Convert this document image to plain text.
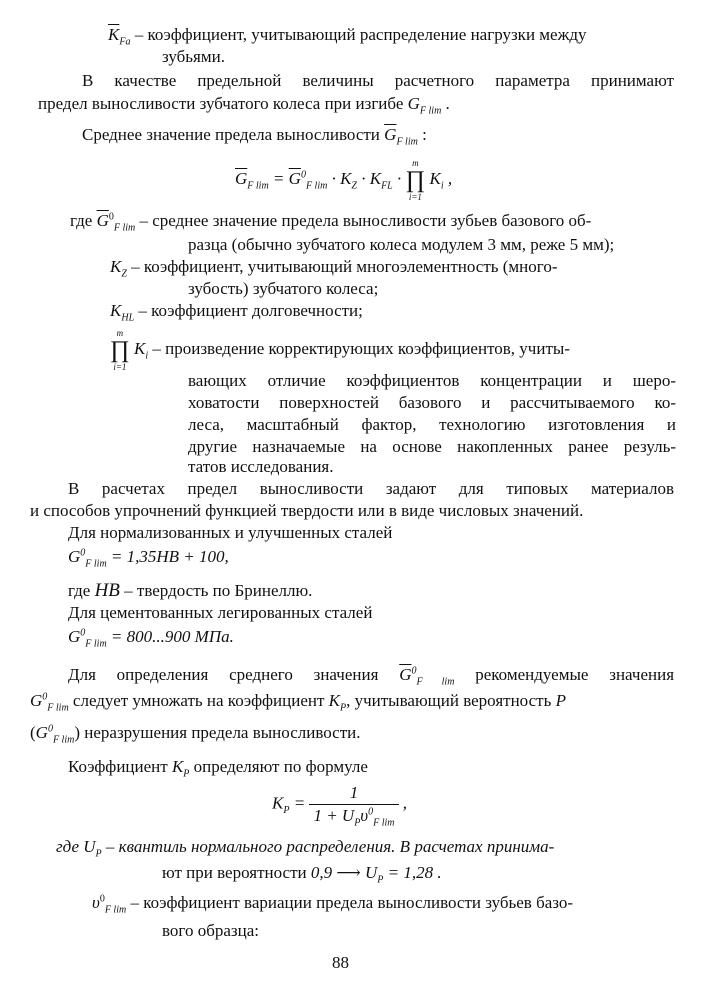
$\overline{K}_{Fa}$ – коэффициент, учитывающий распределение нагрузки между
зубьями.
В качестве предельной величины расчетного параметра принимают
предел выносливости зубчатого колеса при изгибе $G_{F lim}$ .
Среднее значение предела выносливости $\overline{G}_{F lim}$ :
$\overline{G}_{F lim} = \overline{G}^0_{F lim} \cdot K_Z \cdot K_{FL}$ ·
m
∏
i=1
$K_i$ ,
где $\overline{G}^0_{F lim}$ – среднее значение предела выносливости зубьев базового об-
разца (обычно зубчатого колеса модулем 3 мм, реже 5 мм);
$K_Z$ – коэффициент, учитывающий многоэлементность (много-
зубость) зубчатого колеса;
$K_{HL}$ – коэффициент долговечности;
m
∏
i=1
$K_i$ – произведение корректирующих коэффициентов, учиты-
вающих отличие коэффициентов концентрации и шеро-
ховатости поверхностей базового и рассчитываемого ко-
леса, масштабный фактор, технологию изготовления и
другие назначаемые на основе накопленных ранее резуль-
татов исследования.
В расчетах предел выносливости задают для типовых материалов
и способов упрочнений функцией твердости или в виде числовых значений.
Для нормализованных и улучшенных сталей
$G^0_{F lim} = 1,35HB + 100$,
где HB – твердость по Бринеллю.
Для цементованных легированных сталей
$G^0_{F lim} = 800...900$ МПа.
Для определения среднего значения $\overline{G}^0_{F lim}$ рекомендуемые значения
$G^0_{F lim}$ следует умножать на коэффициент $K_P$, учитывающий вероятность P
$(G^0_{F lim})$ неразрушения предела выносливости.
Коэффициент $K_P$ определяют по формуле
$K_P = \frac{1}{1 + U_P\upsilon^0_{F lim}}$ ,
где $U_P$ – квантиль нормального распределения. В расчетах принима-
ют при вероятности 0,9 ⟶ $U_P = 1,28$ .
$\upsilon^0_{F lim}$ – коэффициент вариации предела выносливости зубьев базо-
вого образца:
88
